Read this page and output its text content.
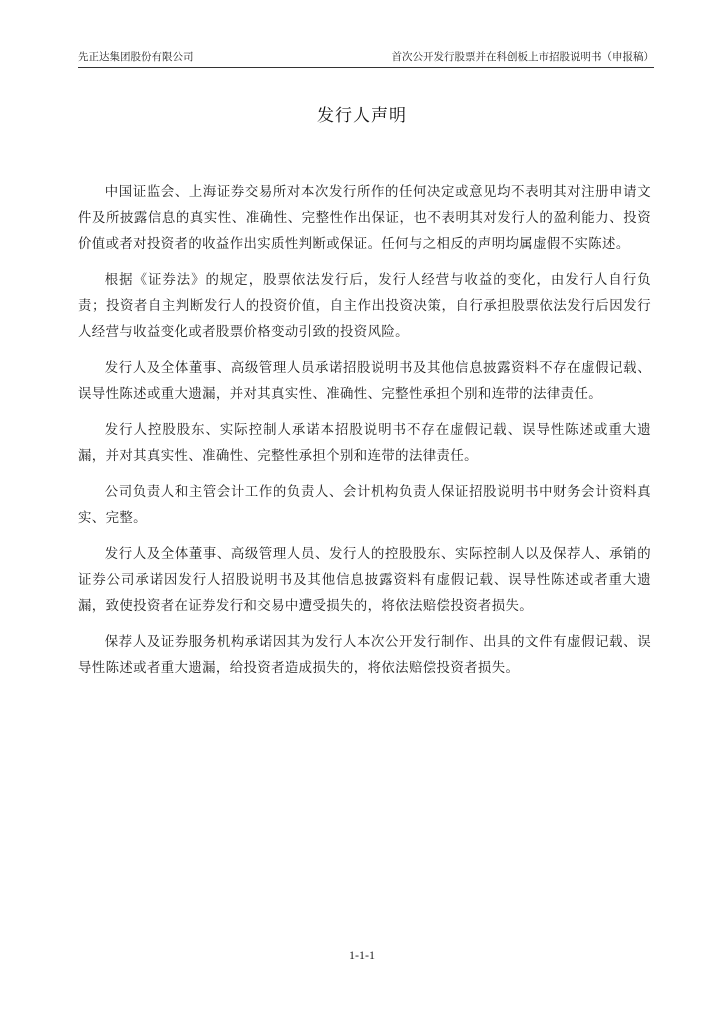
先正达集团股份有限公司	首次公开发行股票并在科创板上市招股说明书（申报稿）
发行人声明

中国证监会、上海证券交易所对本次发行所作的任何决定或意见均不表明其对注册申请文件及所披露信息的真实性、准确性、完整性作出保证，也不表明其对发行人的盈利能力、投资价值或者对投资者的收益作出实质性判断或保证。任何与之相反的声明均属虚假不实陈述。

根据《证券法》的规定，股票依法发行后，发行人经营与收益的变化，由发行人自行负责；投资者自主判断发行人的投资价值，自主作出投资决策，自行承担股票依法发行后因发行人经营与收益变化或者股票价格变动引致的投资风险。

发行人及全体董事、高级管理人员承诺招股说明书及其他信息披露资料不存在虚假记载、误导性陈述或重大遗漏，并对其真实性、准确性、完整性承担个别和连带的法律责任。

发行人控股股东、实际控制人承诺本招股说明书不存在虚假记载、误导性陈述或重大遗漏，并对其真实性、准确性、完整性承担个别和连带的法律责任。

公司负责人和主管会计工作的负责人、会计机构负责人保证招股说明书中财务会计资料真实、完整。

发行人及全体董事、高级管理人员、发行人的控股股东、实际控制人以及保荐人、承销的证券公司承诺因发行人招股说明书及其他信息披露资料有虚假记载、误导性陈述或者重大遗漏，致使投资者在证券发行和交易中遭受损失的，将依法赔偿投资者损失。

保荐人及证券服务机构承诺因其为发行人本次公开发行制作、出具的文件有虚假记载、误导性陈述或者重大遗漏，给投资者造成损失的，将依法赔偿投资者损失。

1-1-1
